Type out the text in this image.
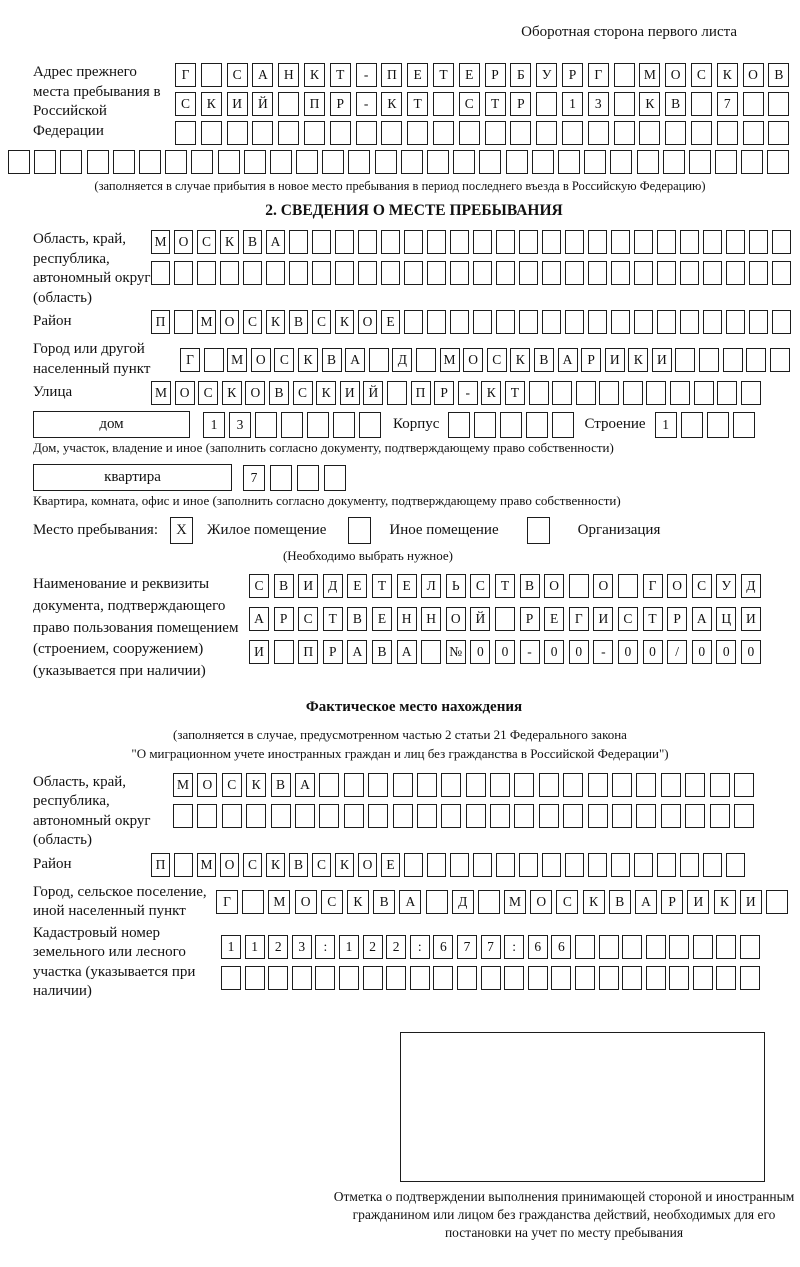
Оборотная сторона первого листа
Адрес прежнего места пребывания в Российской Федерации
Г	С	А	Н	К	Т	-	П	Е	Т	Е	Р	Б	У	Р	Г	М	О	С	К	О	В
С	К	И	Й	П	Р	-	К	Т	С	Т	Р	1	3	К	В	7
(заполняется в случае прибытия в новое место пребывания в период последнего въезда в Российскую Федерацию)
2. СВЕДЕНИЯ О МЕСТЕ ПРЕБЫВАНИЯ
Область, край, республика, автономный округ (область)
М О	С	К	В	А
Район	П	М О	С	К	В	С	К	О	Е
Город или другой населенный пункт
Г	М О	С	К	В	А	Д	М О	С	К	В	А	Р	И	К	И
Улица	М О	С	К	О	В	С	К	И	Й	П	Р	-	К	Т
дом	1	3	Корпус	Строение	1
Дом, участок, владение и иное (заполнить согласно документу, подтверждающему право собственности)
квартира	7
Квартира, комната, офис и иное (заполнить согласно документу, подтверждающему право собственности)
Место пребывания:	X	Жилое помещение	Иное помещение	Организация
(Необходимо выбрать нужное)
Наименование и реквизиты документа, подтверждающего право пользования помещением (строением, сооружением) (указывается при наличии)
С	В	И	Д	Е	Т	Е	Л	Ь	С	Т	В	О	О	Г	О	С	У	Д
А	Р	С	Т	В	Е	Н	Н	О	Й	Р	Е	Г	И	С	Т	Р	А	Ц	И
И	П	Р	А	В	А	№	0	0	-	0	0	-	0	0	/	0	0	0
Фактическое место нахождения
(заполняется в случае, предусмотренном частью 2 статьи 21 Федерального закона
"О миграционном учете иностранных граждан и лиц без гражданства в Российской Федерации")
Область, край, республика, автономный округ (область)
М	О	С	К	В	А
Район	П	М О	С	К	В	С	К	О	Е
Город, сельское поселение, иной населенный пункт
Г	М	О	С	К	В	А	Д	М	О	С	К	В	А	Р	И	К	И
Кадастровый номер земельного или лесного участка (указывается при наличии)
1	1	2	3	:	1	2	2	:	6	7	7	:	6	6
Отметка о подтверждении выполнения принимающей стороной и иностранным гражданином или лицом без гражданства действий, необходимых для его постановки на учет по месту пребывания
